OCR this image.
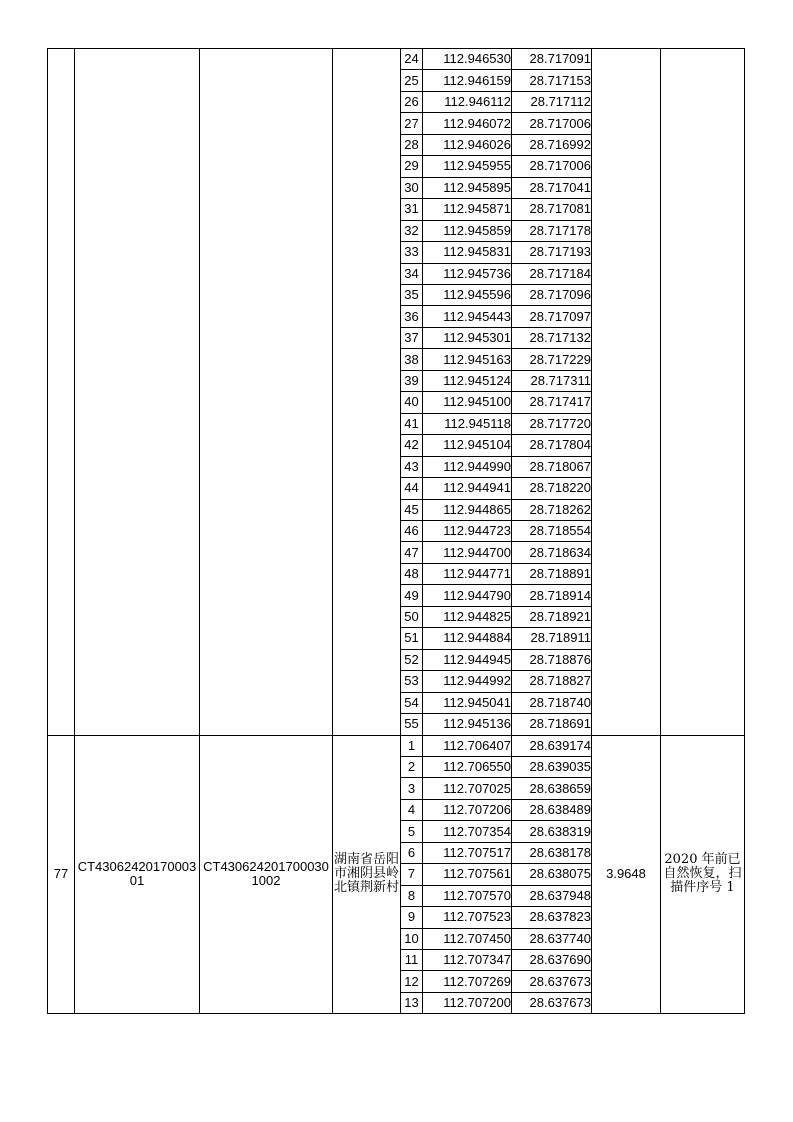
				24	112.946530	28.717091		
				25	112.946159	28.717153		
				26	112.946112	28.717112		
				27	112.946072	28.717006		
				28	112.946026	28.716992		
				29	112.945955	28.717006		
				30	112.945895	28.717041		
				31	112.945871	28.717081		
				32	112.945859	28.717178		
				33	112.945831	28.717193		
				34	112.945736	28.717184		
				35	112.945596	28.717096		
				36	112.945443	28.717097		
				37	112.945301	28.717132		
				38	112.945163	28.717229		
				39	112.945124	28.717311		
				40	112.945100	28.717417		
				41	112.945118	28.717720		
				42	112.945104	28.717804		
				43	112.944990	28.718067		
				44	112.944941	28.718220		
				45	112.944865	28.718262		
				46	112.944723	28.718554		
				47	112.944700	28.718634		
				48	112.944771	28.718891		
				49	112.944790	28.718914		
				50	112.944825	28.718921		
				51	112.944884	28.718911		
				52	112.944945	28.718876		
				53	112.944992	28.718827		
				54	112.945041	28.718740		
				55	112.945136	28.718691		
77	CT43062420170003 01	CT430624201700030 1002	湖南省岳阳市湘阴县岭北镇荆新村	1	112.706407	28.639174	3.9648	2020 年前已自然恢复，扫描件序号 1
				2	112.706550	28.639035		
				3	112.707025	28.638659		
				4	112.707206	28.638489		
				5	112.707354	28.638319		
				6	112.707517	28.638178		
				7	112.707561	28.638075		
				8	112.707570	28.637948		
				9	112.707523	28.637823		
				10	112.707450	28.637740		
				11	112.707347	28.637690		
				12	112.707269	28.637673		
				13	112.707200	28.637673		
